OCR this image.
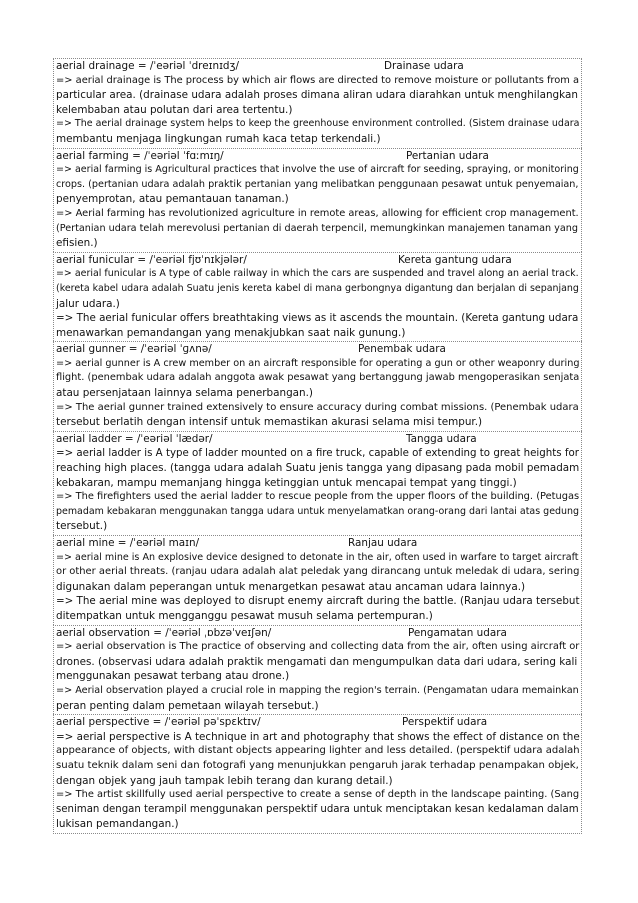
aerial drainage = /ˈeəriəl ˈdreɪnɪdʒ/	Drainase udara
=> aerial drainage is The process by which air flows are directed to remove moisture or pollutants from a
particular area. (drainase udara adalah proses dimana aliran udara diarahkan untuk menghilangkan
kelembaban atau polutan dari area tertentu.)
=> The aerial drainage system helps to keep the greenhouse environment controlled. (Sistem drainase udara
membantu menjaga lingkungan rumah kaca tetap terkendali.)
aerial farming = /ˈeəriəl ˈfɑːmɪŋ/	Pertanian udara
=> aerial farming is Agricultural practices that involve the use of aircraft for seeding, spraying, or monitoring
crops. (pertanian udara adalah praktik pertanian yang melibatkan penggunaan pesawat untuk penyemaian,
penyemprotan, atau pemantauan tanaman.)
=> Aerial farming has revolutionized agriculture in remote areas, allowing for efficient crop management.
(Pertanian udara telah merevolusi pertanian di daerah terpencil, memungkinkan manajemen tanaman yang
efisien.)
aerial funicular = /ˈeəriəl fjʊˈnɪkjələr/	Kereta gantung udara
=> aerial funicular is A type of cable railway in which the cars are suspended and travel along an aerial track.
(kereta kabel udara adalah Suatu jenis kereta kabel di mana gerbongnya digantung dan berjalan di sepanjang
jalur udara.)
=> The aerial funicular offers breathtaking views as it ascends the mountain. (Kereta gantung udara
menawarkan pemandangan yang menakjubkan saat naik gunung.)
aerial gunner = /ˈeəriəl ˈɡʌnə/	Penembak udara
=> aerial gunner is A crew member on an aircraft responsible for operating a gun or other weaponry during
flight. (penembak udara adalah anggota awak pesawat yang bertanggung jawab mengoperasikan senjata
atau persenjataan lainnya selama penerbangan.)
=> The aerial gunner trained extensively to ensure accuracy during combat missions. (Penembak udara
tersebut berlatih dengan intensif untuk memastikan akurasi selama misi tempur.)
aerial ladder = /ˈeəriəl ˈlædər/	Tangga udara
=> aerial ladder is A type of ladder mounted on a fire truck, capable of extending to great heights for
reaching high places. (tangga udara adalah Suatu jenis tangga yang dipasang pada mobil pemadam
kebakaran, mampu memanjang hingga ketinggian untuk mencapai tempat yang tinggi.)
=> The firefighters used the aerial ladder to rescue people from the upper floors of the building. (Petugas
pemadam kebakaran menggunakan tangga udara untuk menyelamatkan orang-orang dari lantai atas gedung
tersebut.)
aerial mine = /ˈeəriəl maɪn/	Ranjau udara
=> aerial mine is An explosive device designed to detonate in the air, often used in warfare to target aircraft
or other aerial threats. (ranjau udara adalah alat peledak yang dirancang untuk meledak di udara, sering
digunakan dalam peperangan untuk menargetkan pesawat atau ancaman udara lainnya.)
=> The aerial mine was deployed to disrupt enemy aircraft during the battle. (Ranjau udara tersebut
ditempatkan untuk mengganggu pesawat musuh selama pertempuran.)
aerial observation = /ˈeəriəl ˌɒbzəˈveɪʃən/	Pengamatan udara
=> aerial observation is The practice of observing and collecting data from the air, often using aircraft or
drones. (observasi udara adalah praktik mengamati dan mengumpulkan data dari udara, sering kali
menggunakan pesawat terbang atau drone.)
=> Aerial observation played a crucial role in mapping the region's terrain. (Pengamatan udara memainkan
peran penting dalam pemetaan wilayah tersebut.)
aerial perspective = /ˈeəriəl pəˈspɛktɪv/	Perspektif udara
=> aerial perspective is A technique in art and photography that shows the effect of distance on the
appearance of objects, with distant objects appearing lighter and less detailed. (perspektif udara adalah
suatu teknik dalam seni dan fotografi yang menunjukkan pengaruh jarak terhadap penampakan objek,
dengan objek yang jauh tampak lebih terang dan kurang detail.)
=> The artist skillfully used aerial perspective to create a sense of depth in the landscape painting. (Sang
seniman dengan terampil menggunakan perspektif udara untuk menciptakan kesan kedalaman dalam
lukisan pemandangan.)
